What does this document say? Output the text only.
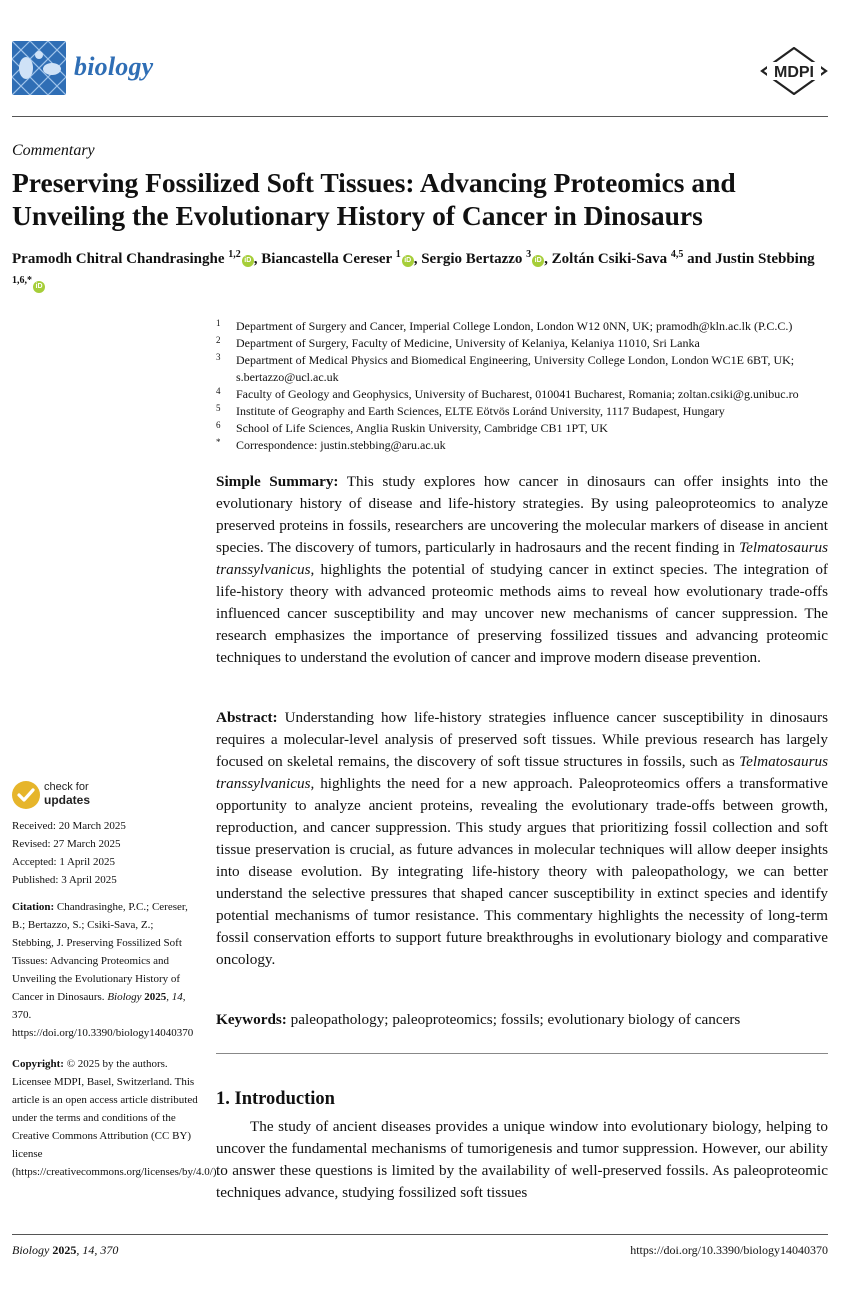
biology	MDPI
Commentary
Preserving Fossilized Soft Tissues: Advancing Proteomics and Unveiling the Evolutionary History of Cancer in Dinosaurs
Pramodh Chitral Chandrasinghe $^{1,2}$iD , Biancastella Cereser $^1$iD , Sergio Bertazzo $^3$iD , Zoltán Csiki-Sava $^{4,5}$ and Justin Stebbing $^{1,6,*}$iD
1 Department of Surgery and Cancer, Imperial College London, London W12 0NN, UK; pramodh@kln.ac.lk (P.C.C.)
2 Department of Surgery, Faculty of Medicine, University of Kelaniya, Kelaniya 11010, Sri Lanka
3 Department of Medical Physics and Biomedical Engineering, University College London, London WC1E 6BT, UK; s.bertazzo@ucl.ac.uk
4 Faculty of Geology and Geophysics, University of Bucharest, 010041 Bucharest, Romania; zoltan.csiki@g.unibuc.ro
5 Institute of Geography and Earth Sciences, ELTE Eötvös Loránd University, 1117 Budapest, Hungary
6 School of Life Sciences, Anglia Ruskin University, Cambridge CB1 1PT, UK
* Correspondence: justin.stebbing@aru.ac.uk
Simple Summary: This study explores how cancer in dinosaurs can offer insights into the evolutionary history of disease and life-history strategies. By using paleoproteomics to analyze preserved proteins in fossils, researchers are uncovering the molecular markers of disease in ancient species. The discovery of tumors, particularly in hadrosaurs and the recent finding in Telmatosaurus transsylvanicus, highlights the potential of studying cancer in extinct species. The integration of life-history theory with advanced proteomic methods aims to reveal how evolutionary trade-offs influenced cancer susceptibility and may uncover new mechanisms of cancer suppression. The research emphasizes the importance of preserving fossilized tissues and advancing proteomic techniques to understand the evolution of cancer and improve modern disease prevention.
Abstract: Understanding how life-history strategies influence cancer susceptibility in dinosaurs requires a molecular-level analysis of preserved soft tissues. While previous research has largely focused on skeletal remains, the discovery of soft tissue structures in fossils, such as Telmatosaurus transsylvanicus, highlights the need for a new approach. Paleoproteomics offers a transformative opportunity to analyze ancient proteins, revealing the evolutionary trade-offs between growth, reproduction, and cancer suppression. This study argues that prioritizing fossil collection and soft tissue preservation is crucial, as future advances in molecular techniques will allow deeper insights into disease evolution. By integrating life-history theory with paleopathology, we can better understand the selective pressures that shaped cancer susceptibility in extinct species and identify potential mechanisms of tumor resistance. This commentary highlights the necessity of long-term fossil conservation efforts to support future breakthroughs in evolutionary biology and comparative oncology.
Keywords: paleopathology; paleoproteomics; fossils; evolutionary biology of cancers
1. Introduction
The study of ancient diseases provides a unique window into evolutionary biology, helping to uncover the fundamental mechanisms of tumorigenesis and tumor suppression. However, our ability to answer these questions is limited by the availability of well-preserved fossils. As paleoproteomic techniques advance, studying fossilized soft tissues
check for
updates
Received: 20 March 2025
Revised: 27 March 2025
Accepted: 1 April 2025
Published: 3 April 2025
Citation: Chandrasinghe, P.C.; Cereser, B.; Bertazzo, S.; Csiki-Sava, Z.; Stebbing, J. Preserving Fossilized Soft Tissues: Advancing Proteomics and Unveiling the Evolutionary History of Cancer in Dinosaurs. Biology 2025, 14, 370. https://doi.org/10.3390/biology14040370
Copyright: © 2025 by the authors. Licensee MDPI, Basel, Switzerland. This article is an open access article distributed under the terms and conditions of the Creative Commons Attribution (CC BY) license (https://creativecommons.org/licenses/by/4.0/).
Biology 2025, 14, 370	https://doi.org/10.3390/biology14040370
